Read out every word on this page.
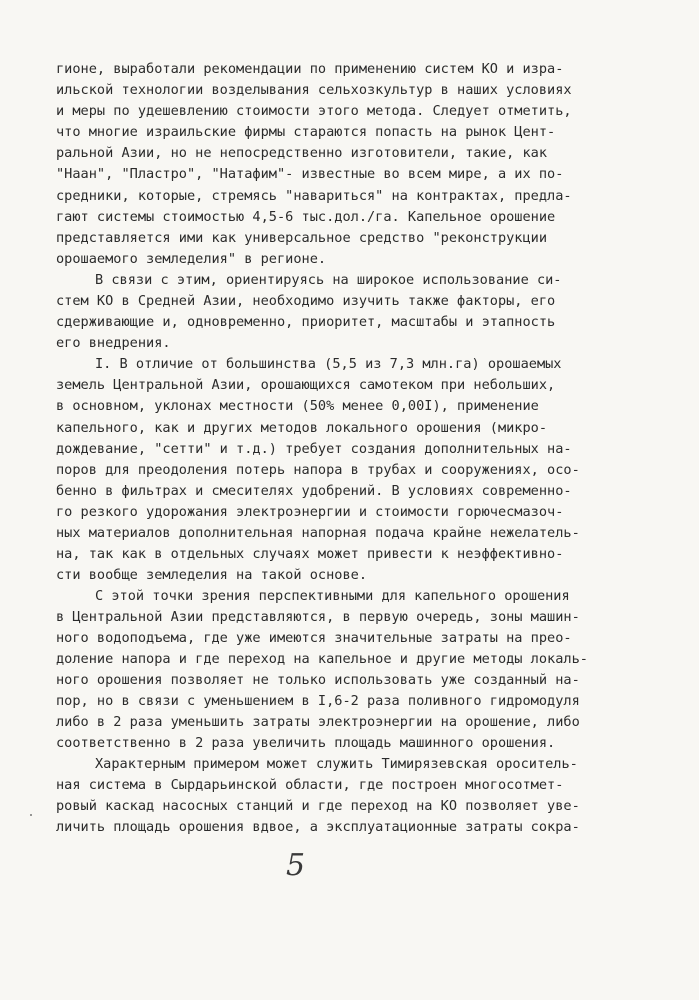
гионе, выработали рекомендации по применению систем КО и изра-
ильской технологии возделывания сельхозкультур в наших условиях
и меры по удешевлению стоимости этого метода. Следует отметить,
что многие израильские фирмы стараются попасть на рынок Цент-
ральной Азии, но не непосредственно изготовители, такие, как
"Наан", "Пластро", "Натафим"- известные во всем мире, а их по-
средники, которые, стремясь "навариться" на контрактах, предла-
гают системы стоимостью 4,5-6 тыс.дол./га. Капельное орошение
представляется ими как универсальное средство "реконструкции
орошаемого земледелия" в регионе.
В связи с этим, ориентируясь на широкое использование си-
стем КО в Средней Азии, необходимо изучить также факторы, его
сдерживающие и, одновременно, приоритет, масштабы и этапность
его внедрения.
I. В отличие от большинства (5,5 из 7,3 млн.га) орошаемых
земель Центральной Азии, орошающихся самотеком при небольших,
в основном, уклонах местности (50% менее 0,00I), применение
капельного, как и других методов локального орошения (микро-
дождевание, "сетти" и т.д.) требует создания дополнительных на-
поров для преодоления потерь напора в трубах и сооружениях, осо-
бенно в фильтрах и смесителях удобрений. В условиях современно-
го резкого удорожания электроэнергии и стоимости горючесмазоч-
ных материалов дополнительная напорная подача крайне нежелатель-
на, так как в отдельных случаях может привести к неэффективно-
сти вообще земледелия на такой основе.
С этой точки зрения перспективными для капельного орошения
в Центральной Азии представляются, в первую очередь, зоны машин-
ного водоподъема, где уже имеются значительные затраты на прео-
доление напора и где переход на капельное и другие методы локаль-
ного орошения позволяет не только использовать уже созданный на-
пор, но в связи с уменьшением в I,6-2 раза поливного гидромодуля
либо в 2 раза уменьшить затраты электроэнергии на орошение, либо
соответственно в 2 раза увеличить площадь машинного орошения.
Характерным примером может служить Тимирязевская ороситель-
ная система в Сырдарьинской области, где построен многосотмет-
ровый каскад насосных станций и где переход на КО позволяет уве-
личить площадь орошения вдвое, а эксплуатационные затраты сокра-
5
